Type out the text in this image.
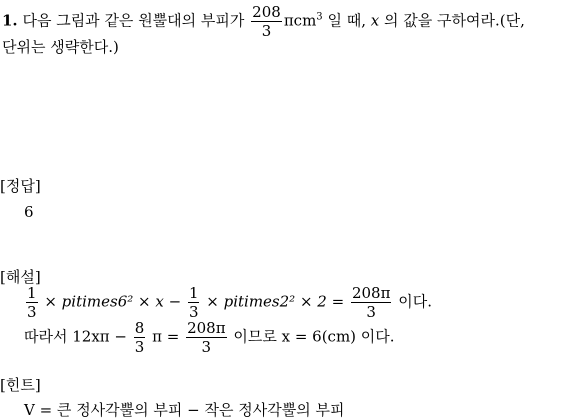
1. 다음 그림과 같은 원뿔대의 부피가 $\frac{208}{3} \pi cm^3$ 일 때, x 의 값을 구하여라.(단,
단위는 생략한다.)
[정답]
6
[해설]
$\frac{1}{3}$ × pitimes6² × $x - \frac{1}{3}$ × pitimes2² × $2 = \frac{208\pi}{3}$ 이다.
따라서 $12x\pi - \frac{8}{3}$ $\pi = \frac{208\pi}{3}$ 이므로 x = 6(cm) 이다.
[힌트]
V = 큰 정사각뿔의 부피 − 작은 정사각뿔의 부피
